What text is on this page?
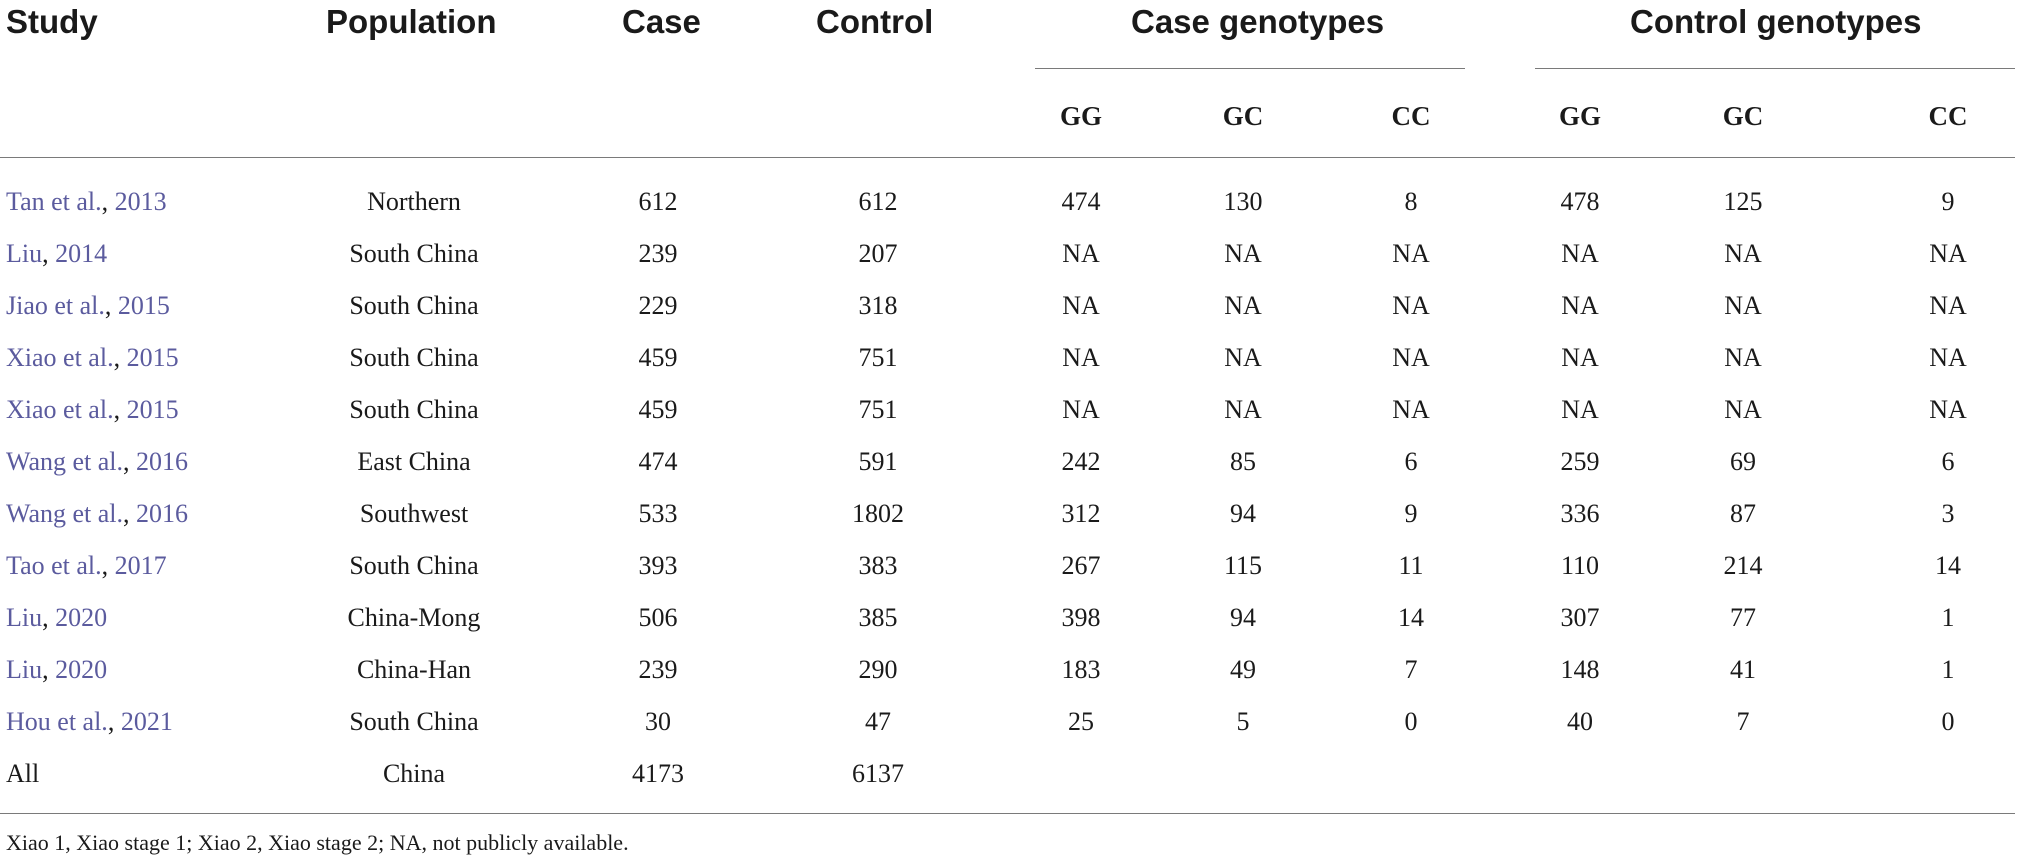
Study	Population	Case	Control	Case genotypes	Control genotypes
GG	GC	CC	GG	GC	CC
Tan et al., 2013	Northern	612	612	474	130	8	478	125	9
Liu, 2014	South China	239	207	NA	NA	NA	NA	NA	NA
Jiao et al., 2015	South China	229	318	NA	NA	NA	NA	NA	NA
Xiao et al., 2015	South China	459	751	NA	NA	NA	NA	NA	NA
Xiao et al., 2015	South China	459	751	NA	NA	NA	NA	NA	NA
Wang et al., 2016	East China	474	591	242	85	6	259	69	6
Wang et al., 2016	Southwest	533	1802	312	94	9	336	87	3
Tao et al., 2017	South China	393	383	267	115	11	110	214	14
Liu, 2020	China-Mong	506	385	398	94	14	307	77	1
Liu, 2020	China-Han	239	290	183	49	7	148	41	1
Hou et al., 2021	South China	30	47	25	5	0	40	7	0
All	China	4173	6137
Xiao 1, Xiao stage 1; Xiao 2, Xiao stage 2; NA, not publicly available.
